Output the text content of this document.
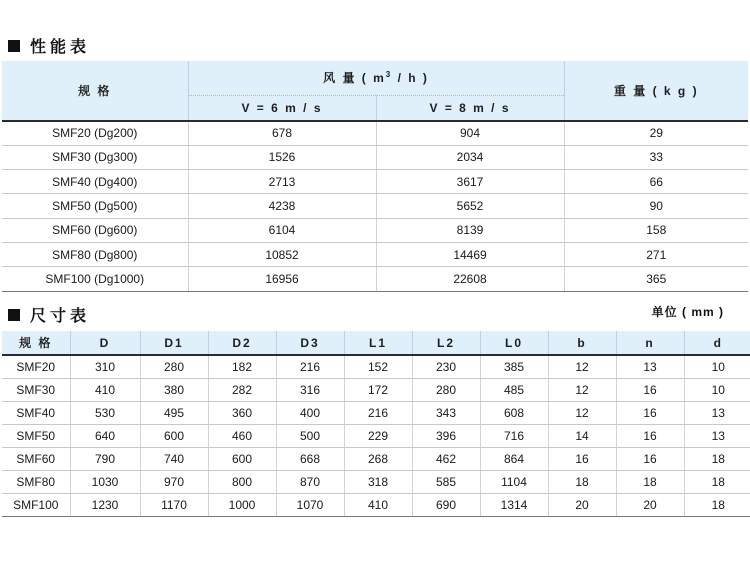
性能表
规 格	风 量 ( $m^3$ / h )		重 量 ( k g )
	V = 6 m / s	V = 8 m / s	
SMF20 (Dg200)	678	904	29
SMF30 (Dg300)	1526	2034	33
SMF40 (Dg400)	2713	3617	66
SMF50 (Dg500)	4238	5652	90
SMF60 (Dg600)	6104	8139	158
SMF80 (Dg800)	10852	14469	271
SMF100 (Dg1000)	16956	22608	365
尺寸表	单位 ( mm )
规 格	D	D1	D2	D3	L1	L2	L0	b	n	d
SMF20	310	280	182	216	152	230	385	12	13	10
SMF30	410	380	282	316	172	280	485	12	16	10
SMF40	530	495	360	400	216	343	608	12	16	13
SMF50	640	600	460	500	229	396	716	14	16	13
SMF60	790	740	600	668	268	462	864	16	16	18
SMF80	1030	970	800	870	318	585	1104	18	18	18
SMF100	1230	1170	1000	1070	410	690	1314	20	20	18
